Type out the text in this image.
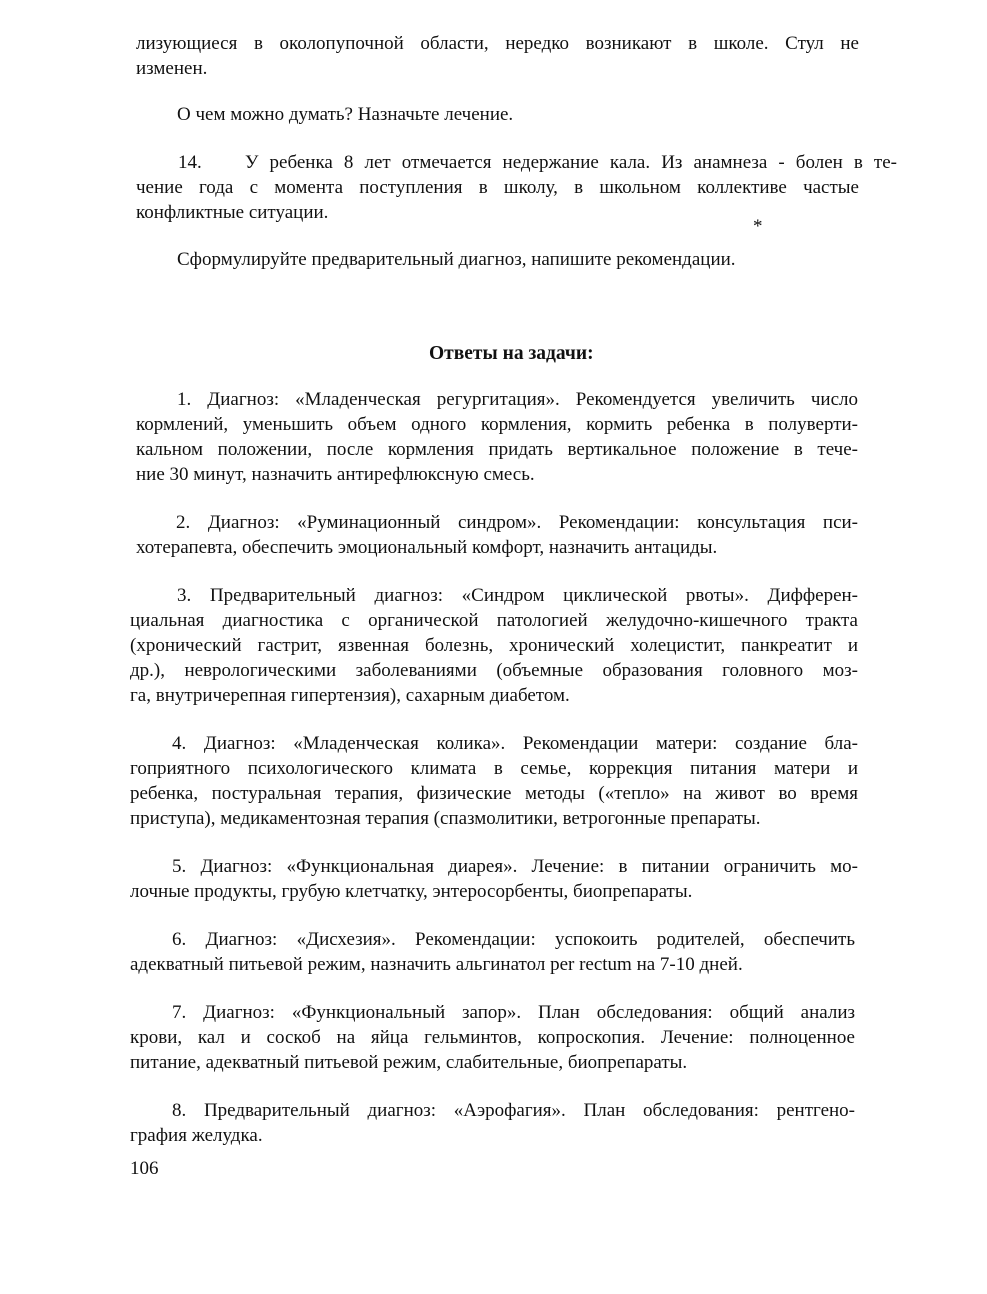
лизующиеся в околопупочной области, нередко возникают в школе. Стул не
изменен.
О чем можно думать? Назначьте лечение.
14. У ребенка 8 лет отмечается недержание кала. Из анамнеза - болен в те-
чение года с момента поступления в школу, в школьном коллективе частые
конфликтные ситуации.
*
Сформулируйте предварительный диагноз, напишите рекомендации.
Ответы на задачи:
1. Диагноз: «Младенческая регургитация». Рекомендуется увеличить число
кормлений, уменьшить объем одного кормления, кормить ребенка в полуверти-
кальном положении, после кормления придать вертикальное положение в тече-
ние 30 минут, назначить антирефлюксную смесь.
2. Диагноз: «Руминационный синдром». Рекомендации: консультация пси-
хотерапевта, обеспечить эмоциональный комфорт, назначить антациды.
3. Предварительный диагноз: «Синдром циклической рвоты». Дифферен-
циальная диагностика с органической патологией желудочно-кишечного тракта
(хронический гастрит, язвенная болезнь, хронический холецистит, панкреатит и
др.), неврологическими заболеваниями (объемные образования головного моз-
га, внутричерепная гипертензия), сахарным диабетом.
4. Диагноз: «Младенческая колика». Рекомендации матери: создание бла-
гоприятного психологического климата в семье, коррекция питания матери и
ребенка, постуральная терапия, физические методы («тепло» на живот во время
приступа), медикаментозная терапия (спазмолитики, ветрогонные препараты.
5. Диагноз: «Функциональная диарея». Лечение: в питании ограничить мо-
лочные продукты, грубую клетчатку, энтеросорбенты, биопрепараты.
6. Диагноз: «Дисхезия». Рекомендации: успокоить родителей, обеспечить
адекватный питьевой режим, назначить альгинатол per rectum на 7-10 дней.
7. Диагноз: «Функциональный запор». План обследования: общий анализ
крови, кал и соскоб на яйца гельминтов, копроскопия. Лечение: полноценное
питание, адекватный питьевой режим, слабительные, биопрепараты.
8. Предварительный диагноз: «Аэрофагия». План обследования: рентгено-
графия желудка.
106
